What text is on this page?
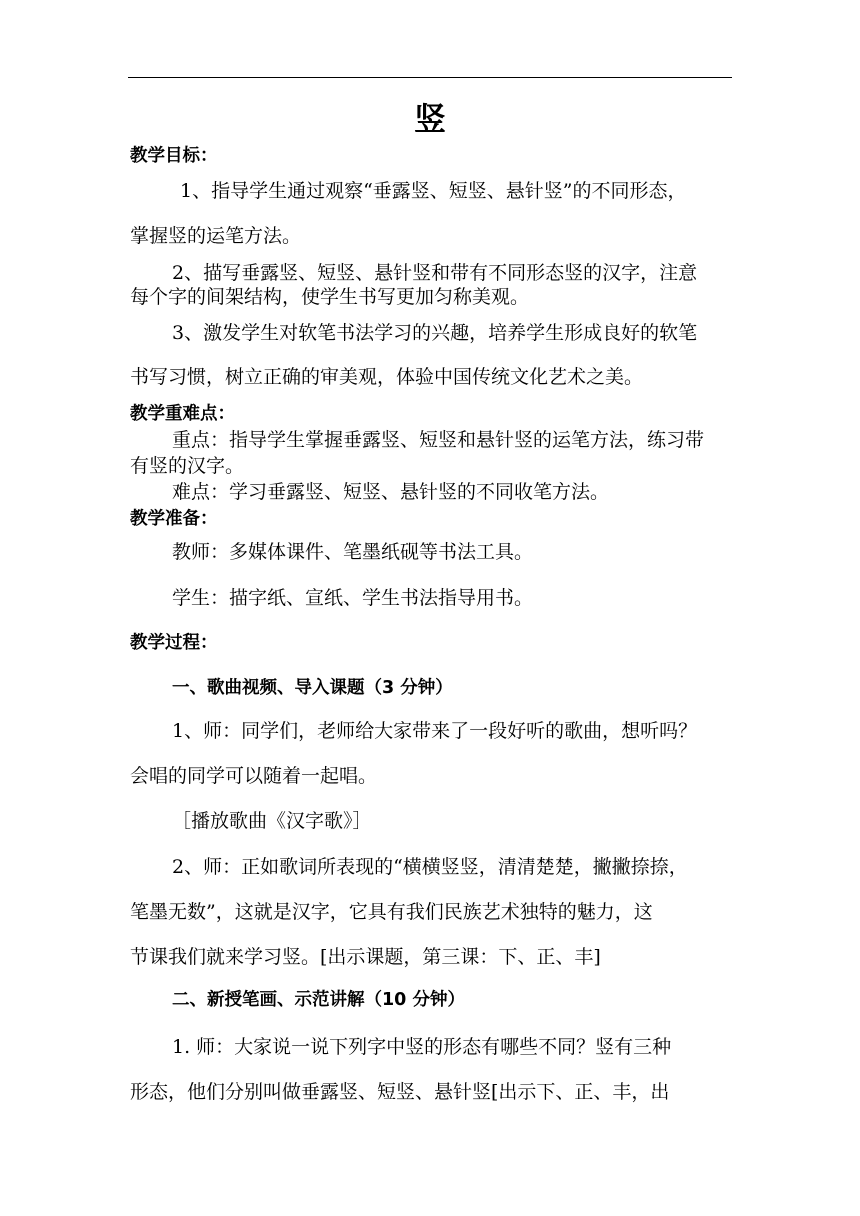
竖
教学目标：
1、指导学生通过观察“垂露竖、短竖、悬针竖”的不同形态，
掌握竖的运笔方法。
2、描写垂露竖、短竖、悬针竖和带有不同形态竖的汉字，注意
每个字的间架结构，使学生书写更加匀称美观。
3、激发学生对软笔书法学习的兴趣，培养学生形成良好的软笔
书写习惯，树立正确的审美观，体验中国传统文化艺术之美。
教学重难点：
重点：指导学生掌握垂露竖、短竖和悬针竖的运笔方法，练习带
有竖的汉字。
难点：学习垂露竖、短竖、悬针竖的不同收笔方法。
教学准备：
教师：多媒体课件、笔墨纸砚等书法工具。
学生：描字纸、宣纸、学生书法指导用书。
教学过程：
一、歌曲视频、导入课题（3 分钟）
1、师：同学们，老师给大家带来了一段好听的歌曲，想听吗？
会唱的同学可以随着一起唱。
［播放歌曲《汉字歌》］
2、师：正如歌词所表现的“横横竖竖，清清楚楚，撇撇捺捺，
笔墨无数”，这就是汉字，它具有我们民族艺术独特的魅力，这
节课我们就来学习竖。[出示课题，第三课：下、正、丰]
二、新授笔画、示范讲解（10 分钟）
1. 师：大家说一说下列字中竖的形态有哪些不同？竖有三种
形态，他们分别叫做垂露竖、短竖、悬针竖[出示下、正、丰，出
